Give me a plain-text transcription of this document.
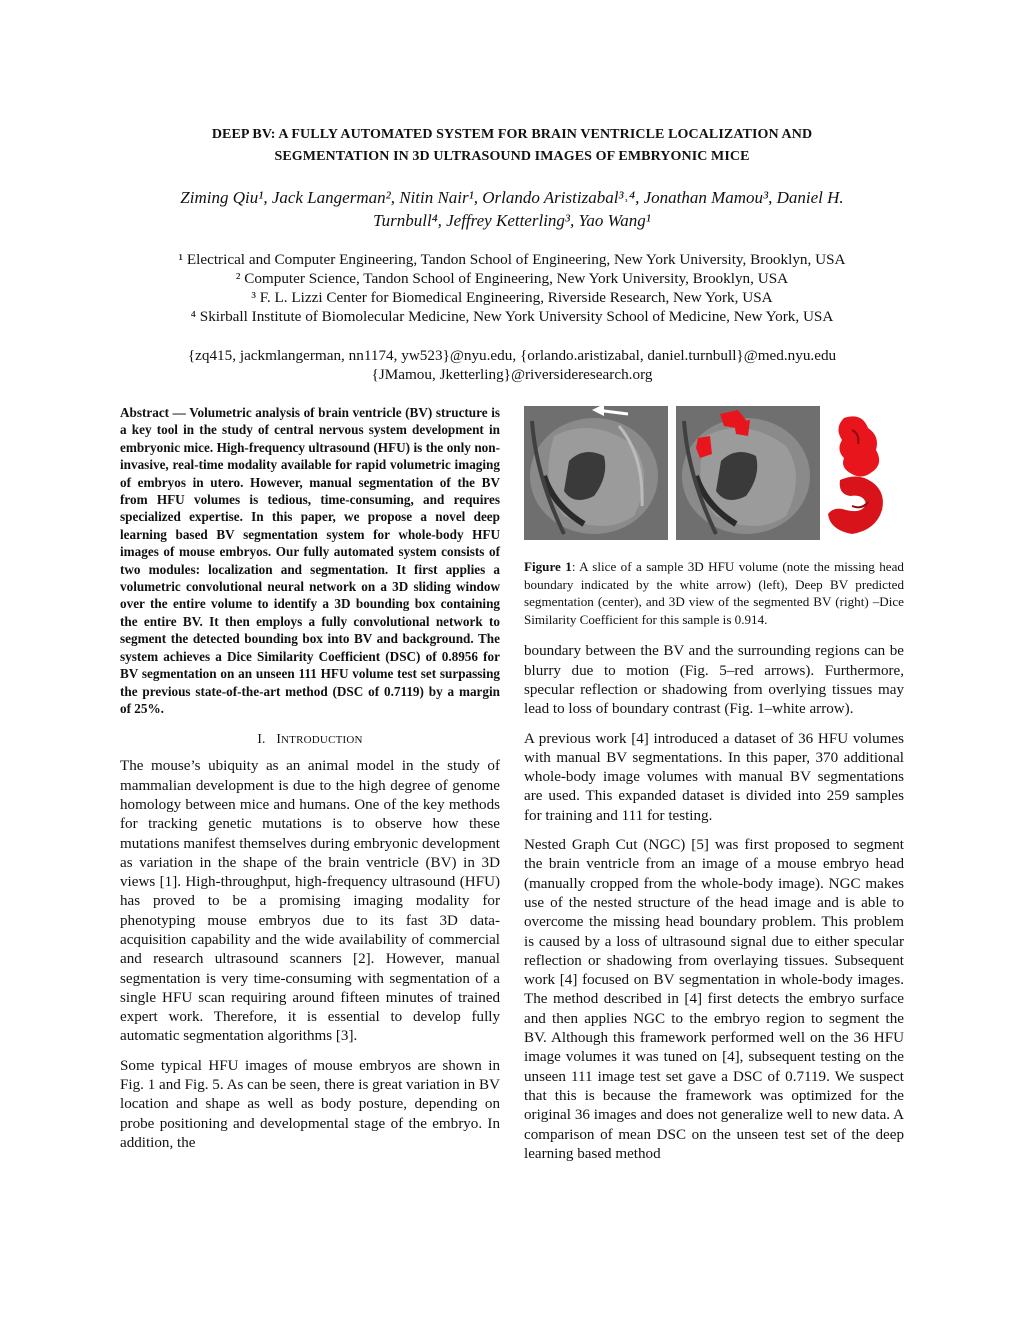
DEEP BV: A FULLY AUTOMATED SYSTEM FOR BRAIN VENTRICLE LOCALIZATION AND
SEGMENTATION IN 3D ULTRASOUND IMAGES OF EMBRYONIC MICE
Ziming Qiu¹, Jack Langerman², Nitin Nair¹, Orlando Aristizabal³˒⁴, Jonathan Mamou³, Daniel H.
Turnbull⁴, Jeffrey Ketterling³, Yao Wang¹
¹ Electrical and Computer Engineering, Tandon School of Engineering, New York University, Brooklyn, USA
² Computer Science, Tandon School of Engineering, New York University, Brooklyn, USA
³ F. L. Lizzi Center for Biomedical Engineering, Riverside Research, New York, USA
⁴ Skirball Institute of Biomolecular Medicine, New York University School of Medicine, New York, USA
{zq415, jackmlangerman, nn1174, yw523}@nyu.edu, {orlando.aristizabal, daniel.turnbull}@med.nyu.edu
{JMamou, Jketterling}@riversideresearch.org

Abstract — Volumetric analysis of brain ventricle (BV) structure is a key tool in the study of central nervous system development in embryonic mice. High-frequency ultrasound (HFU) is the only non-invasive, real-time modality available for rapid volumetric imaging of embryos in utero. However, manual segmentation of the BV from HFU volumes is tedious, time-consuming, and requires specialized expertise. In this paper, we propose a novel deep learning based BV segmentation system for whole-body HFU images of mouse embryos. Our fully automated system consists of two modules: localization and segmentation. It first applies a volumetric convolutional neural network on a 3D sliding window over the entire volume to identify a 3D bounding box containing the entire BV. It then employs a fully convolutional network to segment the detected bounding box into BV and background. The system achieves a Dice Similarity Coefficient (DSC) of 0.8956 for BV segmentation on an unseen 111 HFU volume test set surpassing the previous state-of-the-art method (DSC of 0.7119) by a margin of 25%.

I. INTRODUCTION

The mouse’s ubiquity as an animal model in the study of mammalian development is due to the high degree of genome homology between mice and humans. One of the key methods for tracking genetic mutations is to observe how these mutations manifest themselves during embryonic development as variation in the shape of the brain ventricle (BV) in 3D views [1]. High-throughput, high-frequency ultrasound (HFU) has proved to be a promising imaging modality for phenotyping mouse embryos due to its fast 3D data-acquisition capability and the wide availability of commercial and research ultrasound scanners [2]. However, manual segmentation is very time-consuming with segmentation of a single HFU scan requiring around fifteen minutes of trained expert work. Therefore, it is essential to develop fully automatic segmentation algorithms [3].

Some typical HFU images of mouse embryos are shown in Fig. 1 and Fig. 5. As can be seen, there is great variation in BV location and shape as well as body posture, depending on probe positioning and developmental stage of the embryo. In addition, the

Figure 1: A slice of a sample 3D HFU volume (note the missing head boundary indicated by the white arrow) (left), Deep BV predicted segmentation (center), and 3D view of the segmented BV (right) –Dice Similarity Coefficient for this sample is 0.914.

boundary between the BV and the surrounding regions can be blurry due to motion (Fig. 5–red arrows). Furthermore, specular reflection or shadowing from overlying tissues may lead to loss of boundary contrast (Fig. 1–white arrow).

A previous work [4] introduced a dataset of 36 HFU volumes with manual BV segmentations. In this paper, 370 additional whole-body image volumes with manual BV segmentations are used. This expanded dataset is divided into 259 samples for training and 111 for testing.

Nested Graph Cut (NGC) [5] was first proposed to segment the brain ventricle from an image of a mouse embryo head (manually cropped from the whole-body image). NGC makes use of the nested structure of the head image and is able to overcome the missing head boundary problem. This problem is caused by a loss of ultrasound signal due to either specular reflection or shadowing from overlaying tissues. Subsequent work [4] focused on BV segmentation in whole-body images. The method described in [4] first detects the embryo surface and then applies NGC to the embryo region to segment the BV. Although this framework performed well on the 36 HFU image volumes it was tuned on [4], subsequent testing on the unseen 111 image test set gave a DSC of 0.7119. We suspect that this is because the framework was optimized for the original 36 images and does not generalize well to new data. A comparison of mean DSC on the unseen test set of the deep learning based method
